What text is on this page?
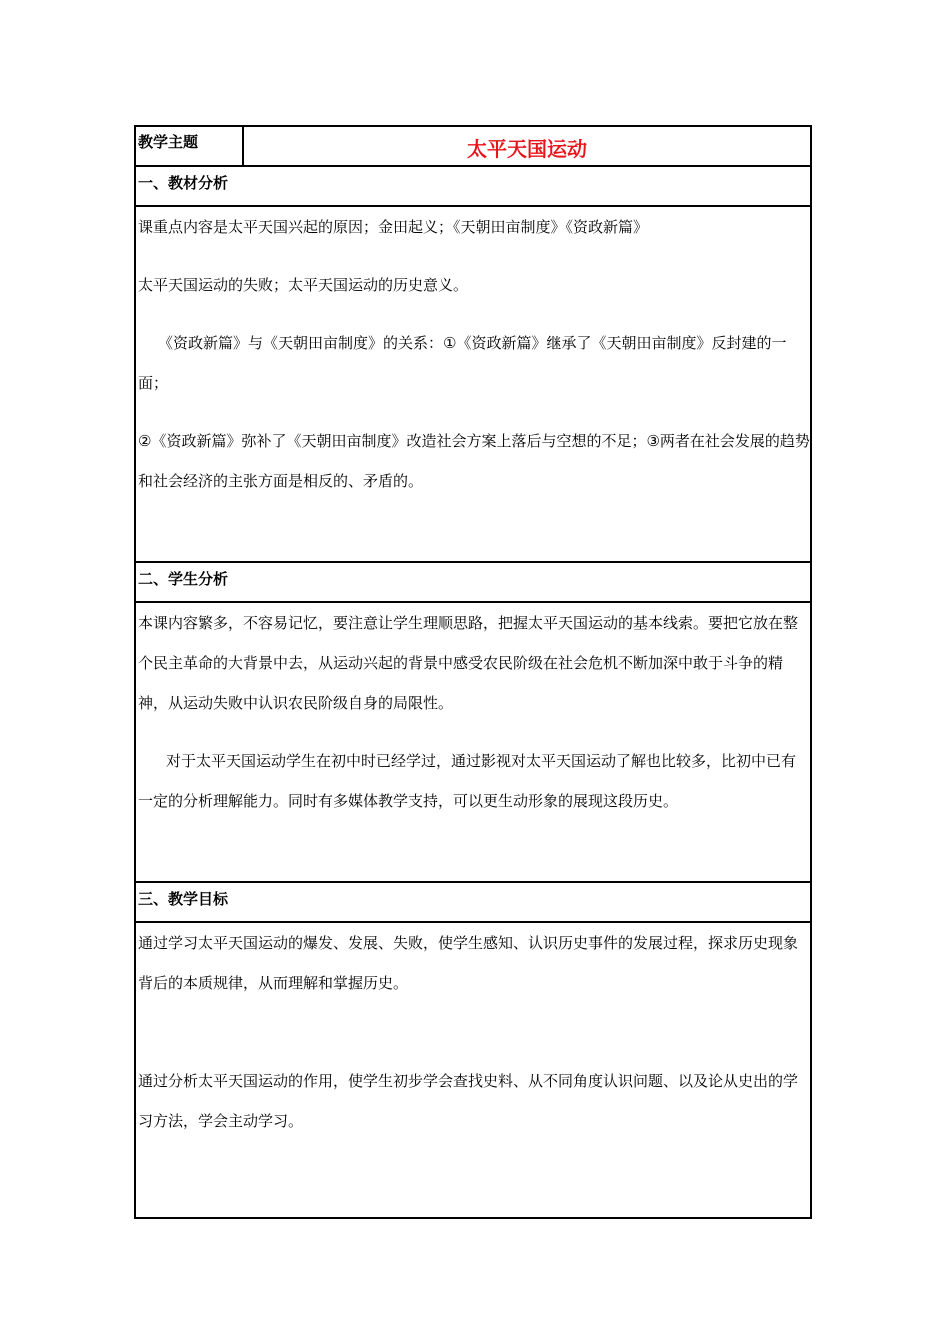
教学主题	太平天国运动
一、教材分析

课重点内容是太平天国兴起的原因；金田起义；《天朝田亩制度》《资政新篇》

太平天国运动的失败；太平天国运动的历史意义。

《资政新篇》与《天朝田亩制度》的关系：①《资政新篇》继承了《天朝田亩制度》反封建的一面；

②《资政新篇》弥补了《天朝田亩制度》改造社会方案上落后与空想的不足；③两者在社会发展的趋势和社会经济的主张方面是相反的、矛盾的。

二、学生分析

本课内容繁多，不容易记忆，要注意让学生理顺思路，把握太平天国运动的基本线索。要把它放在整个民主革命的大背景中去，从运动兴起的背景中感受农民阶级在社会危机不断加深中敢于斗争的精神，从运动失败中认识农民阶级自身的局限性。

对于太平天国运动学生在初中时已经学过，通过影视对太平天国运动了解也比较多，比初中已有一定的分析理解能力。同时有多媒体教学支持，可以更生动形象的展现这段历史。

三、教学目标

通过学习太平天国运动的爆发、发展、失败，使学生感知、认识历史事件的发展过程，探求历史现象背后的本质规律，从而理解和掌握历史。

通过分析太平天国运动的作用，使学生初步学会查找史料、从不同角度认识问题、以及论从史出的学习方法，学会主动学习。
